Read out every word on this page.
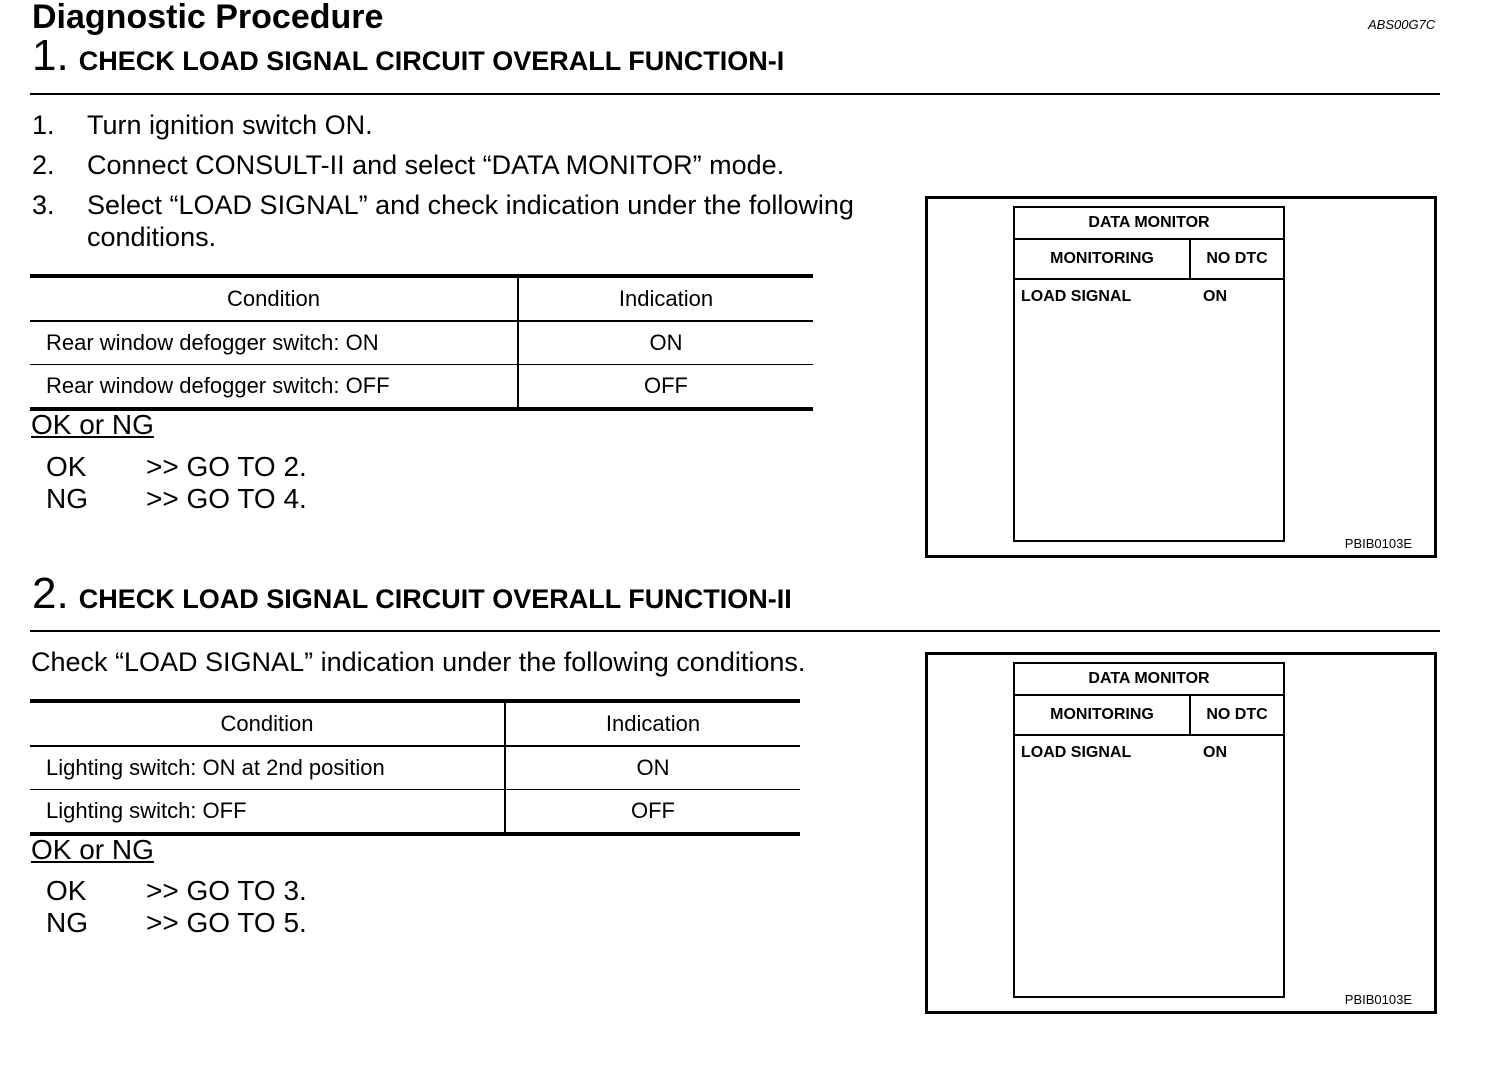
Diagnostic Procedure	ABS00G7C
1. CHECK LOAD SIGNAL CIRCUIT OVERALL FUNCTION-I
1. Turn ignition switch ON.
2. Connect CONSULT-II and select “DATA MONITOR” mode.
3. Select “LOAD SIGNAL” and check indication under the following
conditions.
Condition	Indication
Rear window defogger switch: ON	ON
Rear window defogger switch: OFF	OFF
OK or NG
OK >> GO TO 2.
NG >> GO TO 4.
DATA MONITOR
MONITORING	NO DTC
LOAD SIGNAL	ON
PBIB0103E
2. CHECK LOAD SIGNAL CIRCUIT OVERALL FUNCTION-II
Check “LOAD SIGNAL” indication under the following conditions.
Condition	Indication
Lighting switch: ON at 2nd position	ON
Lighting switch: OFF	OFF
OK or NG
OK >> GO TO 3.
NG >> GO TO 5.
DATA MONITOR
MONITORING	NO DTC
LOAD SIGNAL	ON
PBIB0103E
